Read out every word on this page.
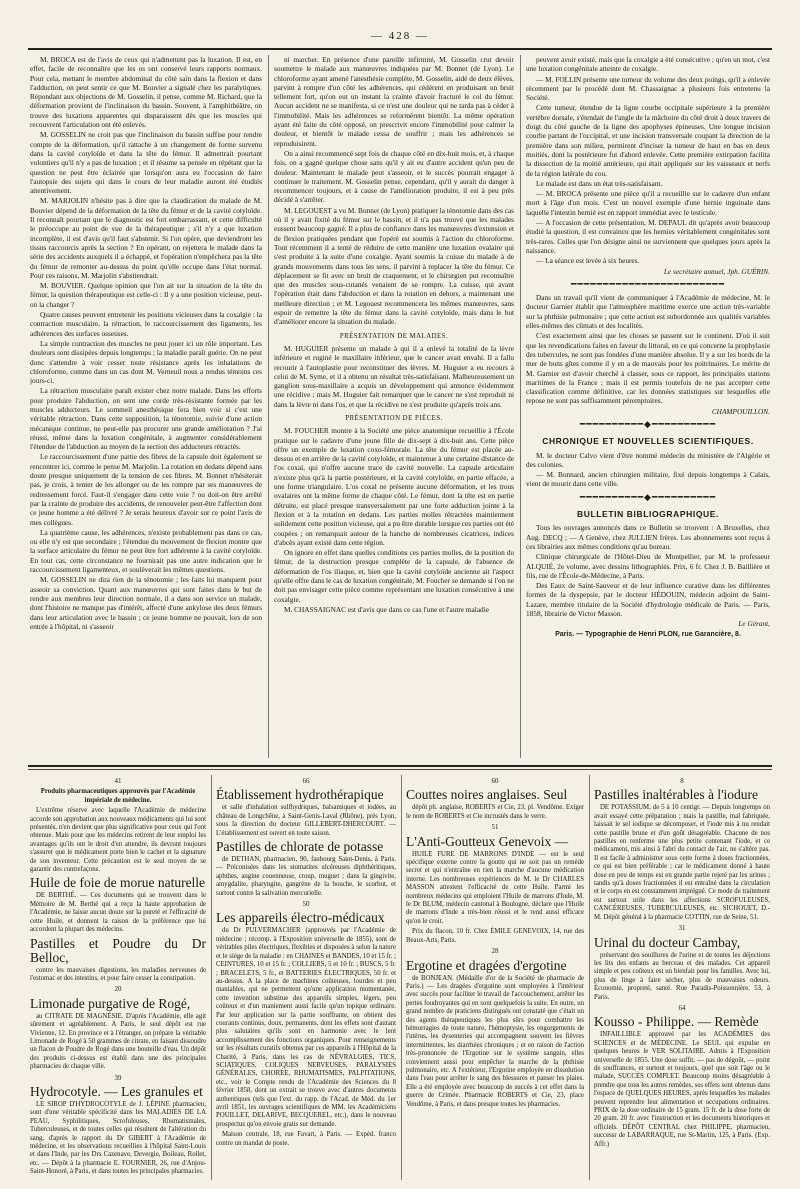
— 428 —

M. BROCA est de l'avis de ceux qui n'admettent pas la luxation. Il est, en effet, facile de reconnaître que les os ont conservé leurs rapports normaux. Pour cela, mettant le membre abdominal du côté sain dans la flexion et dans l'adduction, on peut sentir ce que M. Bouvier a signalé chez les paralytiques. Répondant aux objections de M. Gosselin, il pense, comme M. Richard, que la déformation provient de l'inclinaison du bassin. Souvent, à l'amphithéâtre, on trouve des luxations apparentes qui disparaissent dès que les muscles qui recouvrent l'articulation ont été enlevés.

M. GOSSELIN ne croit pas que l'inclinaison du bassin suffise pour rendre compte de la déformation, qu'il rattache à un changement de forme survenu dans la cavité cotyloïde et dans la tête du fémur. Il admettrait pourtant volontiers qu'il n'y a pas de luxation ; et il résume sa pensée en répétant que la question ne peut être éclairée que lorsqu'on aura eu l'occasion de faire l'autopsie des sujets qui dans le cours de leur maladie auront été étudiés attentivement.

M. MARJOLIN n'hésite pas à dire que la claudication du malade de M. Bouvier dépend de la déformation de la tête du fémur et de la cavité cotyloïde. Il reconnaît pourtant que le diagnostic est fort embarrassant, et cette difficulté le préoccupe au point de vue de la thérapeutique ; s'il n'y a que luxation incomplète, il est d'avis qu'il faut s'abstenir. Si l'on opère, que deviendront les tissus raccourcis après la section ? En opérant, on rejettera le malade dans la série des accidents auxquels il a échappé, et l'opération n'empêchera pas la tête du fémur de remonter au-dessus du point qu'elle occupe dans l'état normal. Pour ces raisons, M. Marjolin s'abstiendrait.

M. BOUVIER. Quelque opinion que l'on ait sur la situation de la tête du fémur, la question thérapeutique est celle-ci : Il y a une position vicieuse, peut-on la changer ?

Quatre causes peuvent entretenir les positions vicieuses dans la coxalgie : la contraction musculaire, la rétraction, le raccourcissement des ligaments, les adhérences des surfaces osseuses.

La simple contraction des muscles ne peut jouer ici un rôle important. Les douleurs sont dissipées depuis longtemps ; la maladie paraît guérie. On ne peut donc s'attendre à voir cesser toute résistance après les inhalations de chloroforme, comme dans un cas dont M. Verneuil nous a rendus témoins ces jours-ci.

La rétraction musculaire paraît exister chez notre malade. Dans les efforts pour produire l'abduction, on sent une corde très-résistante formée par les muscles adducteurs. Le sommeil anesthésique fera bien voir si c'est une véritable rétraction. Dans cette supposition, la ténotomie, suivie d'une action mécanique continue, ne peut-elle pas procurer une grande amélioration ? J'ai réussi, même dans la luxation congénitale, à augmenter considérablement l'étendue de l'abduction au moyen de la section des adducteurs rétractés.

Le raccourcissement d'une partie des fibres de la capsule doit également se rencontrer ici, comme le pense M. Marjolin. La rotation en dedans dépend sans doute presque uniquement de la tension de ces fibres. M. Bonnet n'hésiterait pas, je crois, à tenter de les allonger ou de les rompre par ses manœuvres de redressement forcé. Faut-il s'engager dans cette voie ? ou doit-on être arrêté par la crainte de produire des accidents, de renouveler peut-être l'affection dont ce jeune homme a été délivré ? Je serais heureux d'avoir sur ce point l'avis de mes collègues.

La quatrième cause, les adhérences, n'existe probablement pas dans ce cas, ou elle n'y est que secondaire ; l'étendue du mouvement de flexion montre que la surface articulaire du fémur ne peut être fort adhérente à la cavité cotyloïde. En tout cas, cette circonstance ne fournirait pas une autre indication que le raccourcissement ligamenteux, et soulèverait les mêmes questions.

M. GOSSELIN ne dira rien de la ténotomie ; les faits lui manquent pour asseoir sa conviction. Quant aux manœuvres qui sont faites dans le but de rendre aux membres leur direction normale, il a dans son service un malade, dont l'histoire ne manque pas d'intérêt, affecté d'une ankylose des deux fémurs dans leur articulation avec le bassin ; ce jeune homme ne pouvait, lors de son entrée à l'hôpital, ni s'asseoir

ni marcher. En présence d'une pareille infirmité, M. Gosselin crut devoir soumettre le malade aux manœuvres indiquées par M. Bonnet (de Lyon). Le chloroforme ayant amené l'anesthésie complète, M. Gosselin, aidé de deux élèves, parvint à rompre d'un côté les adhérences, qui cédèrent en produisant un bruit tellement fort, qu'on eut un instant la crainte d'avoir fracturé le col du fémur. Aucun accident ne se manifesta, si ce n'est une douleur qui ne tarda pas à céder à l'immobilité. Mais les adhérences se reformèrent bientôt. La même opération ayant été faite du côté opposé, on prescrivit encore l'immobilité pour calmer la douleur, et bientôt le malade cessa de souffrir ; mais les adhérences se reproduisirent.

On a ainsi recommencé sept fois de chaque côté en dix-huit mois, et, à chaque fois, on a gagné quelque chose sans qu'il y ait eu d'autre accident qu'un peu de douleur. Maintenant le malade peut s'asseoir, et le succès pourrait engager à continuer le traitement. M. Gosselin pense, cependant, qu'il y aurait du danger à recommencer toujours, et à cause de l'amélioration produite, il est à peu près décidé à s'arrêter.

M. LEGOUEST a vu M. Bonnet (de Lyon) pratiquer la ténotomie dans des cas où il y avait fixité du fémur sur le bassin, et il n'a pas trouvé que les malades eussent beaucoup gagné. Il a plus de confiance dans les manœuvres d'extension et de flexion pratiquées pendant que l'opéré est soumis à l'action du chloroforme. Tout récemment il a tenté de réduire de cette manière une luxation ovalaire qui s'est produite à la suite d'une coxalgie. Ayant soumis la cuisse du malade à de grands mouvements dans tous les sens, il parvint à replacer la tête du fémur. Ce déplacement se fit avec un bruit de craquement, et le chirurgien put reconnaître que des muscles sous-cutanés venaient de se rompre. La cuisse, qui avant l'opération était dans l'abduction et dans la rotation en dehors, a maintenant une meilleure direction ; et M. Legouest recommencera les mêmes manœuvres, sans espoir de remettre la tête du fémur dans la cavité cotyloïde, mais dans le but d'améliorer encore la situation du malade.

PRÉSENTATION DE MALADES.

M. HUGUIER présente un malade à qui il a enlevé la totalité de la lèvre inférieure et ruginé le maxillaire inférieur, que le cancer avait envahi. Il a fallu recourir à l'autoplastie pour reconstituer des lèvres. M. Huguier a eu recours à celui de M. Syme, et il a obtenu un résultat très-satisfaisant. Malheureusement un ganglion sous-maxillaire a acquis un développement qui annonce évidemment une récidive ; mais M. Huguier fait remarquer que le cancer ne s'est reproduit ni dans la lèvre ni dans l'os, et que la récidive ne s'est produite qu'après trois ans.

PRÉSENTATION DE PIÈCES.

M. FOUCHER montre à la Société une pièce anatomique recueillie à l'École pratique sur le cadavre d'une jeune fille de dix-sept à dix-huit ans. Cette pièce offre un exemple de luxation coxo-fémorale. La tête du fémur est placée au-dessus et en arrière de la cavité cotyloïde, et maintenue à une certaine distance de l'os coxal, qui n'offre aucune trace de cavité nouvelle. La capsule articulaire n'existe plus qu'à la partie postérieure, et la cavité cotyloïde, en partie effacée, a une forme triangulaire. L'os coxal ne présente aucune déformation, et les trous ovalaires ont la même forme de chaque côté. Le fémur, dont la tête est en partie détruite, est placé presque transversalement par une forte adduction jointe à la flexion et à la rotation en dedans. Les parties molles rétractées maintiennent solidement cette position vicieuse, qui a pu être durable lorsque ces parties ont été coupées ; on remarquait autour de la hanche de nombreuses cicatrices, indices d'abcès ayant existé dans cette région.

On ignore en effet dans quelles conditions ces parties molles, de la position du fémur, de la destruction presque complète de la capsule, de l'absence de déformation de l'os iliaque, et, bien que la cavité cotyloïde ancienne ait l'aspect qu'elle offre dans le cas de luxation congénitale, M. Foucher se demande si l'on ne doit pas envisager cette pièce comme représentant une luxation consécutive à une coxalgie.

M. CHASSAIGNAC est d'avis que dans ce cas l'une et l'autre maladie

peuvent avoir existé, mais que la coxalgie a été consécutive ; qu'en un mot, c'est une luxation congénitale atteinte de coxalgie.

— M. FOLLIN présente une tumeur du volume des deux poings, qu'il a enlevée récemment par le procédé dont M. Chassaignac a plusieurs fois entretenu la Société.

Cette tumeur, étendue de la ligne courbe occipitale supérieure à la première vertèbre dorsale, s'étendait de l'angle de la mâchoire du côté droit à deux travers de doigt du côté gauche de la ligne des apophyses épineuses. Une longue incision courbe partant de l'occipital, et une incision transversale coupant la direction de la première dans son milieu, permirent d'inciser la tumeur de haut en bas en deux moitiés, dont la postérieure fut d'abord enlevée. Cette première extirpation facilita la dissection de la moitié antérieure, qui était appliquée sur les vaisseaux et nerfs de la région latérale du cou.

Le malade est dans un état très-satisfaisant.

— M. BROCA présente une pièce qu'il a recueillie sur le cadavre d'un enfant mort à l'âge d'un mois. C'est un nouvel exemple d'une hernie inguinale dans laquelle l'intestin hernié est en rapport immédiat avec le testicule.

— A l'occasion de cette présentation, M. DEPAUL dit qu'après avoir beaucoup étudié la question, il est convaincu que les hernies véritablement congénitales sont très-rares. Celles que l'on désigne ainsi ne surviennent que quelques jours après la naissance.

— La séance est levée à six heures.

Le secrétaire annuel, Jph. GUÉRIN.

━━━━━━━━━━━━━━━━━━━━━━━━

Dans un travail qu'il vient de communiquer à l'Académie de médecine, M. le docteur Garnier établit que l'atmosphère maritime exerce une action très-variable sur la phthisie pulmonaire ; que cette action est subordonnée aux qualités variables elles-mêmes des climats et des localités.

C'est exactement ainsi que les choses se passent sur le continent. D'où il suit que les revendications faites en faveur du littoral, en ce qui concerne la prophylaxie des tubercules, ne sont pas fondées d'une manière absolue. Il y a sur les bords de la mer de bons gîtes comme il y en a de mauvais pour les poitrinaires. Le mérite de M. Garnier est d'avoir cherché à classer, sous ce rapport, les principales stations maritimes de la France ; mais il est permis toutefois de ne pas accepter cette classification comme définitive, car les données statistiques sur lesquelles elle repose ne sont pas suffisamment péremptoires.

CHAMPOUILLON.

━━━━━━━━━━◆━━━━━━━━━━
CHRONIQUE ET NOUVELLES SCIENTIFIQUES.

M. le docteur Calvo vient d'être nommé médecin du ministère de l'Algérie et des colonies.

— M. Bonnard, ancien chirurgien militaire, fixé depuis longtemps à Calais, vient de mourir dans cette ville.

━━━━━━━━━━◆━━━━━━━━━━
BULLETIN BIBLIOGRAPHIQUE.

Tous les ouvrages annoncés dans ce Bulletin se trouvent : A Bruxelles, chez Aug. DECQ ; — A Genève, chez JULLIEN frères. Les abonnements sont reçus à ces librairies aux mêmes conditions qu'au bureau.

Clinique chirurgicale de l'Hôtel-Dieu de Montpellier, par M. le professeur ALQUIÉ, 2e volume, avec dessins lithographiés. Prix, 6 fr. Chez J. B. Baillière et fils, rue de l'École-de-Médecine, à Paris.

Des Eaux de Saint-Sauveur et de leur influence curative dans les différentes formes de la dyspepsie, par le docteur HÉDOUIN, médecin adjoint de Saint-Lazare, membre titulaire de la Société d'hydrologie médicale de Paris. — Paris, 1858, librairie de Victor Masson.

Le Gérant,

Paris. — Typographie de Henri PLON, rue Garancière, 8.

41
Produits pharmaceutiques approuvés par l'Académie impériale de médecine.

L'extrême réserve avec laquelle l'Académie de médecine accorde son approbation aux nouveaux médicaments qui lui sont présentés, n'en devient que plus significative pour ceux qui l'ont obtenue. Mais pour que les médecins retirent de leur emploi les avantages qu'ils ont le droit d'en attendre, ils devront toujours s'assurer que le médicament porte bien le cachet et la signature de son inventeur. Cette précaution est le seul moyen de se garantir des contrefaçons.

Huile de foie de morue naturelle

DE BERTHÉ. — Ces documents qui se trouvent dans le Mémoire de M. Berthé qui a reçu la haute approbation de l'Académie, ne laisse aucun doute sur la pureté et l'efficacité de cette Huile, et donnent la raison de la préférence que lui accordent la plupart des médecins.

Pastilles et Poudre du Dr Belloc,

contre les mauvaises digestions, les maladies nerveuses de l'estomac et des intestins, et pour faire cesser la constipation.

20
Limonade purgative de Rogé,

au CITRATE DE MAGNÉSIE. D'après l'Académie, elle agit sûrement et agréablement. A Paris, le seul dépôt est rue Vivienne, 12. En province et à l'étranger, on prépare la véritable Limonade de Rogé à 50 grammes de citrate, en faisant dissoudre un flacon de Poudre de Rogé dans une bouteille d'eau. Un dépôt des produits ci-dessus est établi dans une des principales pharmacies de chaque ville.

39
Hydrocotyle. — Les granules et

LE SIROP D'HYDROCOTYLE de J. LÉPINE pharmacien, sont d'une véritable spécificité dans les MALADIES DE LA PEAU, Syphilitiques, Scrofuleuses, Rhumatismales, Tuberculeuses, et de toutes celles qui résultent de l'altération du sang, d'après le rapport du Dr GIBERT à l'Académie de médecine, et les observations recueillies à l'hôpital Saint-Louis et dans l'Inde, par les Drs Cazenave, Devergie, Boileau, Rollet, etc. — Dépôt à la pharmacie E. FOURNIER, 26, rue d'Anjou-Saint-Honoré, à Paris, et dans toutes les principales pharmacies.

66
Établissement hydrothérapique

et salle d'inhalation sulfhydriques, balsamiques et iodées, au château de Longchêne, à Saint-Genis-Laval (Rhône), près Lyon, sous la direction du docteur GILLEBERT-DHERCOURT. — L'établissement est ouvert en toute saison.

Pastilles de chlorate de potasse

de DETHAN, pharmacien, 90, faubourg Saint-Denis, à Paris. — Préconisées dans les stomatites ulcéreuses diphthéritiques, aphthes, angine couenneuse, croup, muguet ; dans la gingivite, amygdalite, pharyngite, gangrène de la bouche, le scorbut, et surtout contre la salivation mercurielle.

50
Les appareils électro-médicaux

du Dr PULVERMACHER (approuvés par l'Académie de médecine ; récomp. à l'Exposition universelle de 1855), sont de véritables piles électriques, flexibles et disposées à selon la nature et le siège de la maladie : en CHAINES et BANDES, 10 et 15 fr. ; CEINTURES, 10 et 15 fr. ; COLLIERS, 5 et 10 fr. ; BUSCS, 5 fr. ; BRACELETS, 5 fr., et BATTERIES ÉLECTRIQUES, 50 fr. et au-dessus. A la place de machines coûteuses, lourdes et peu maniables, qui ne permettent qu'une application momentanée, cette invention substitue des appareils simples, légers, peu coûteux et d'un maniement aussi facile qu'un topique ordinaire. Par leur application sur la partie souffrante, on obtient des courants continus, doux, permanents, dont les effets sont d'autant plus salutaires qu'ils sont en harmonie avec le lent accomplissement des fonctions organiques. Pour renseignements sur les résultats curatifs obtenus par ces appareils à l'Hôpital de la Charité, à Paris, dans les cas de NÉVRALGIES, TICS, SCIATIQUES, COLIQUES NERVEUSES, PARALYSIES GÉNÉRALES, CHORÉE, RHUMATISMES, PALPITATIONS, etc., voir le Compte rendu de l'Académie des Sciences du 8 février 1858, dont un extrait se trouve avec d'autres documents authentiques (tels que l'ext. du rapp. de l'Acad. de Méd. du 1er avril 1851, les ouvrages scientifiques de MM. les Académiciens POUILLET, DELARIVE, BECQUEREL, etc.), dans le nouveau prospectus qu'on envoie gratis sur demande.

Maison centrale, 18, rue Favart, à Paris. — Expéd. franco contre un mandat de poste.

60
Couttes noires anglaises. Seul

dépôt ph. anglaise, ROBERTS et Cie, 23, pl. Vendôme. Exiger le nom de ROBERTS et Cie incrustés dans le verre.

51
L'Anti-Goutteux Genevoix —

HUILE FURE DE MARRONS D'INDE — est le seul spécifique externe contre la goutte qui ne soit pas un remède secret et qui n'entraîne en rien la marche d'aucune médication interne. Les nombreuses expériences de M. le Dr CHARLES MASSON attestent l'efficacité de cette Huile. Parmi les nombreux médecins qui emploient l'Huile de marrons d'Inde, M. le Dr BLUM, médecin cantonal à Boulogne, déclare que l'Huile de marrons d'Inde a très-bien réussi et le rend aussi efficace qu'on le croit.

Prix du flacon, 10 fr. Chez ÉMILE GENEVOIX, 14, rue des Beaux-Arts, Paris.

28
Ergotine et dragées d'ergotine

de BONJEAN. (Médaille d'or de la Société de pharmacie de Paris.) — Les dragées d'ergotine sont employées à l'intérieur avec succès pour faciliter le travail de l'accouchement, arrêter les pertes foudroyantes qui en sont quelquefois la suite. En outre, un grand nombre de praticiens distingués ont constaté que c'était un des agents thérapeutiques les plus sûrs pour combattre les hémorragies de toute nature, l'hémoptysie, les engorgements de l'utérus, les dysenteries qui accompagnent souvent les fièvres intermittentes, les diarrhées chroniques ; et en raison de l'action très-prononcée de l'Ergotine sur le système sanguin, elles conviennent aussi pour empêcher la marche de la phthisie pulmonaire, etc. A l'extérieur, l'Ergotine employée en dissolution dans l'eau pour arrêter le sang des blessures et panser les plaies. Elle a été employée avec beaucoup de succès à cet effet dans la guerre de Crimée. Pharmacie ROBERTS et Cie, 23, place Vendôme, à Paris, et dans presque toutes les pharmacies.

8
Pastilles inaltérables à l'iodure

DE POTASSIUM, de 5 à 10 centigr. — Depuis longtemps on avait essayé cette préparation ; mais la pastille, mal fabriquée, laissait le sel iodique se décomposer, et l'iode mis à nu rendait cette pastille brune et d'un goût désagréable. Chacune de nos pastilles en renferme une plus petite contenant l'iode, et ce médicament, mis ainsi à l'abri du contact de l'air, ne s'altère pas. Il est facile à administrer sous cette forme à doses fractionnées, ce qui est bien préférable ; car le médicament donné à haute dose en peu de temps est en grande partie rejeté par les urines ; tandis qu'à doses fractionnées il est entraîné dans la circulation et le corps en est constamment imprégné. Ce mode de traitement est surtout utile dans les affections SCROFULEUSES, CANCÉREUSES, TUBERCULEUSES, etc. SICHOUET, D.-M. Dépôt général à la pharmacie COTTIN, rue de Seine, 51.

31
Urinal du docteur Cambay,

préservant des souillures de l'urine et de toutes les déjections les lits des enfants au berceau et des malades. Cet appareil simple et peu coûteux est un bienfait pour les familles. Avec lui, plus de linge à faire sécher, plus de mauvaises odeurs. Économie, propreté, santé. Rue Paradis-Poissonnière, 53, à Paris.

64
Kousso - Philippe. — Remède

INFAILLIBLE approuvé par les ACADÉMIES des SCIENCES et de MÉDECINE. Le SEUL qui expulse en quelques heures le VER SOLITAIRE. Admis à l'Exposition universelle de 1855. Une dose suffit, — pas de dégoût, — point de souffrances, et surtout et toujours, quel que soit l'âge ou le malade, SUCCÈS COMPLET. Beaucoup moins désagréable à prendre que tous les autres remèdes, ses effets sont obtenus dans l'espace de QUELQUES HEURES, après lesquelles les malades peuvent reprendre leur alimentation et occupations ordinaires. PRIX de la dose ordinaire de 15 gram. 15 fr. de la dose forte de 20 gram. 20 fr. avec l'instruction et les documents historiques et officiels. DÉPÔT CENTRAL chez PHILIPPE, pharmacien, successr de LABARRAQUE, rue St-Martin, 125, à Paris. (Exp. Affr.)
